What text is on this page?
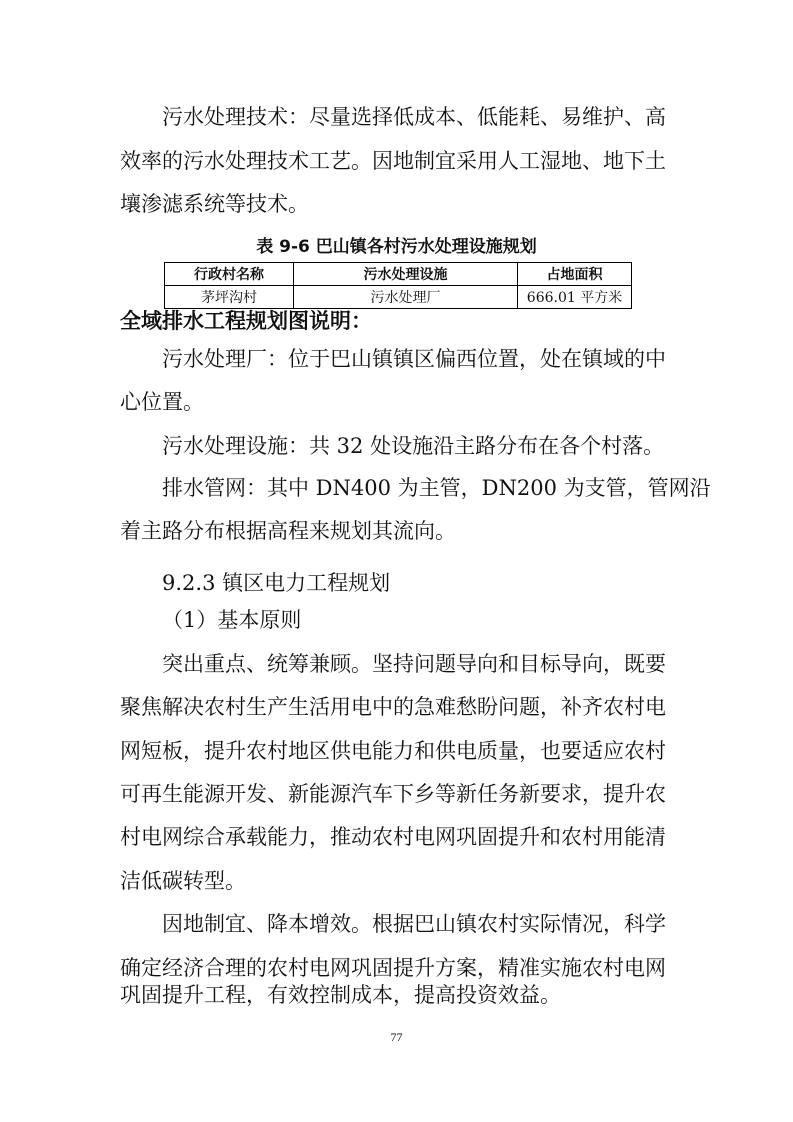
污水处理技术：尽量选择低成本、低能耗、易维护、高
效率的污水处理技术工艺。因地制宜采用人工湿地、地下土
壤渗滤系统等技术。
表 9-6 巴山镇各村污水处理设施规划
行政村名称	污水处理设施	占地面积
茅坪沟村	污水处理厂	666.01 平方米
全域排水工程规划图说明：
污水处理厂：位于巴山镇镇区偏西位置，处在镇域的中
心位置。
污水处理设施：共 32 处设施沿主路分布在各个村落。
排水管网：其中 DN400 为主管，DN200 为支管，管网沿
着主路分布根据高程来规划其流向。
9.2.3 镇区电力工程规划
（1）基本原则
突出重点、统筹兼顾。坚持问题导向和目标导向，既要
聚焦解决农村生产生活用电中的急难愁盼问题，补齐农村电
网短板，提升农村地区供电能力和供电质量，也要适应农村
可再生能源开发、新能源汽车下乡等新任务新要求，提升农
村电网综合承载能力，推动农村电网巩固提升和农村用能清
洁低碳转型。
因地制宜、降本增效。根据巴山镇农村实际情况，科学
确定经济合理的农村电网巩固提升方案，精准实施农村电网
巩固提升工程，有效控制成本，提高投资效益。
77
